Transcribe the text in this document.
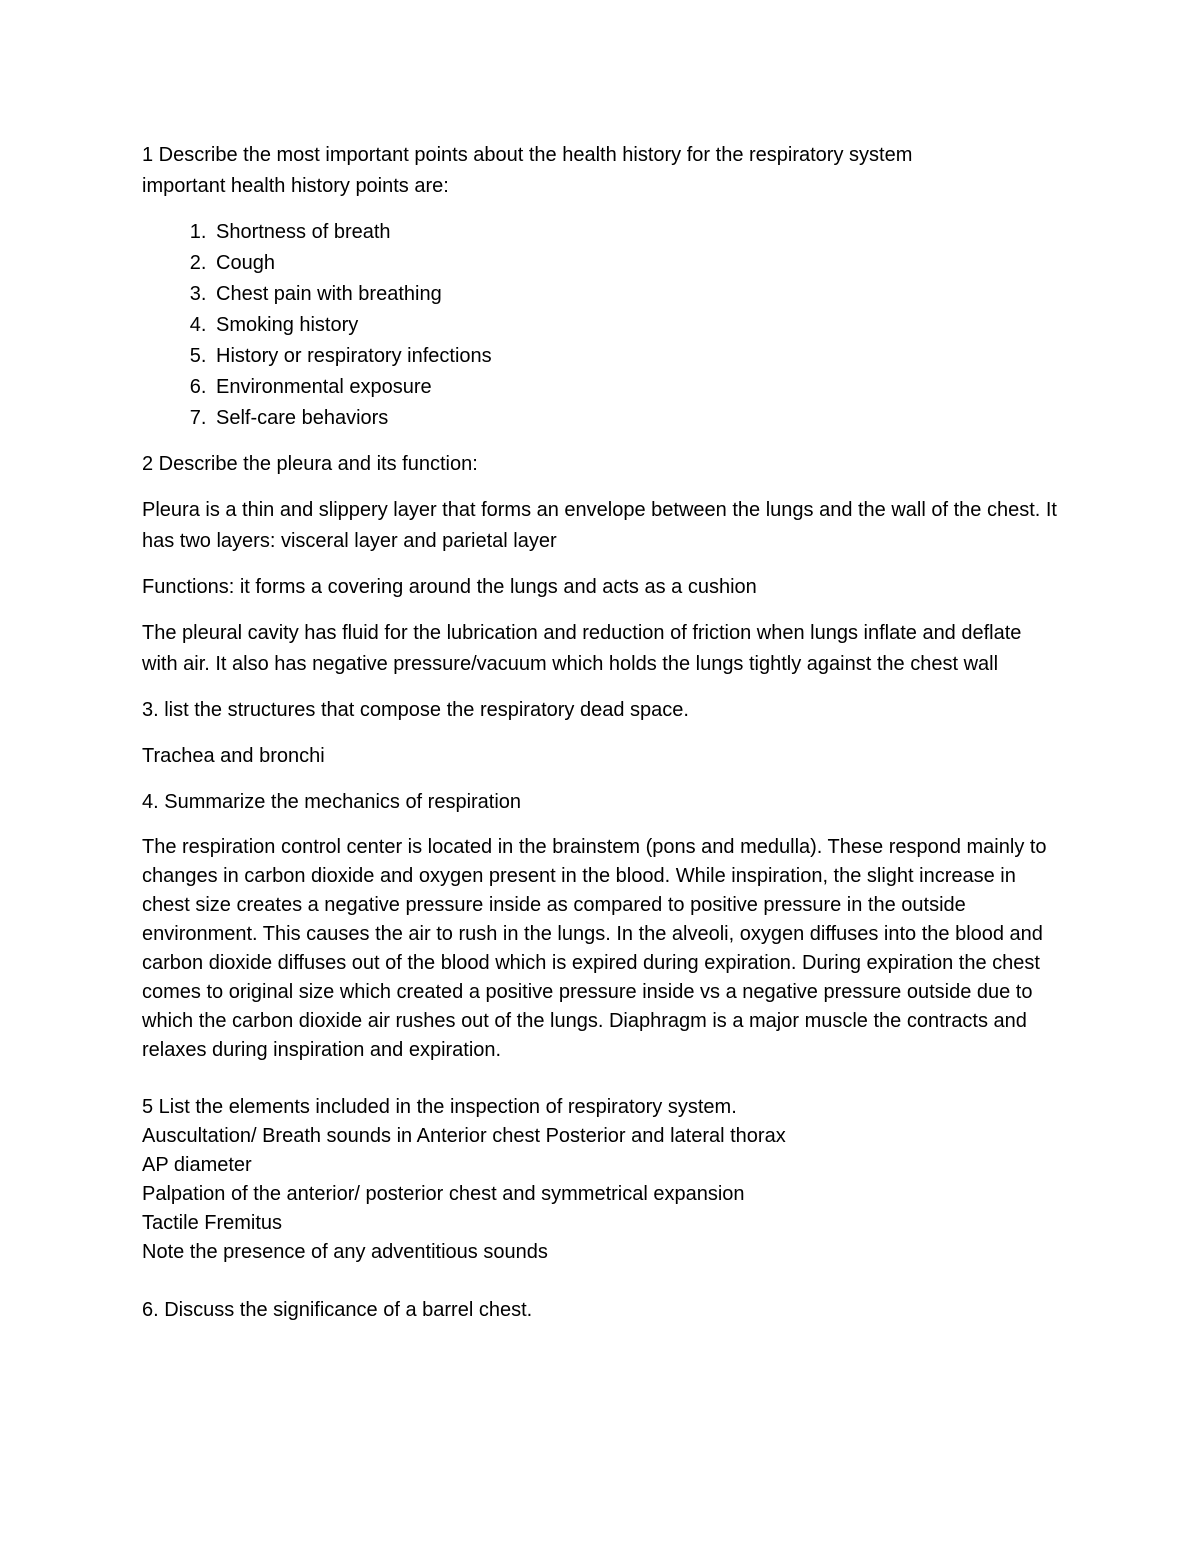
1 Describe the most important points about the health history for the respiratory system

important health history points are:

1. Shortness of breath
2. Cough
3. Chest pain with breathing
4. Smoking history
5. History or respiratory infections
6. Environmental exposure
7. Self-care behaviors

2 Describe the pleura and its function:

Pleura is a thin and slippery layer that forms an envelope between the lungs and the wall of the chest. It has two layers: visceral layer and parietal layer

Functions: it forms a covering around the lungs and acts as a cushion

The pleural cavity has fluid for the lubrication and reduction of friction when lungs inflate and deflate with air. It also has negative pressure/vacuum which holds the lungs tightly against the chest wall

3. list the structures that compose the respiratory dead space.

Trachea and bronchi

4. Summarize the mechanics of respiration

The respiration control center is located in the brainstem (pons and medulla). These respond mainly to changes in carbon dioxide and oxygen present in the blood. While inspiration, the slight increase in chest size creates a negative pressure inside as compared to positive pressure in the outside environment. This causes the air to rush in the lungs. In the alveoli, oxygen diffuses into the blood and carbon dioxide diffuses out of the blood which is expired during expiration. During expiration the chest comes to original size which created a positive pressure inside vs a negative pressure outside due to which the carbon dioxide air rushes out of the lungs. Diaphragm is a major muscle the contracts and relaxes during inspiration and expiration.

5 List the elements included in the inspection of respiratory system.
Auscultation/ Breath sounds in Anterior chest Posterior and lateral thorax
AP diameter
Palpation of the anterior/ posterior chest and symmetrical expansion
Tactile Fremitus
Note the presence of any adventitious sounds

6. Discuss the significance of a barrel chest.
